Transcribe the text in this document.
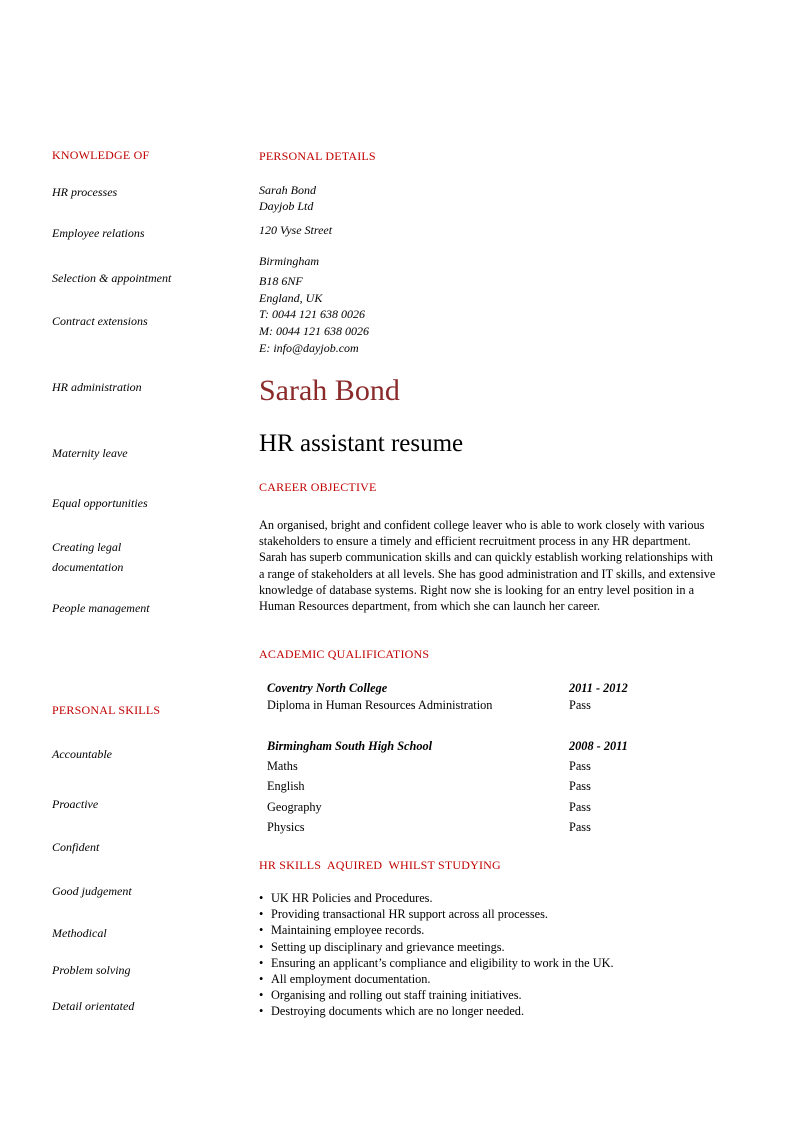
KNOWLEDGE OF
HR processes
Employee relations
Selection & appointment
Contract extensions
HR administration
Maternity leave
Equal opportunities
Creating legal
documentation
People management
PERSONAL SKILLS
Accountable
Proactive
Confident
Good judgement
Methodical
Problem solving
Detail orientated
PERSONAL DETAILS
Sarah Bond
Dayjob Ltd
120 Vyse Street
Birmingham
B18 6NF
England, UK
T: 0044 121 638 0026
M: 0044 121 638 0026
E: info@dayjob.com
Sarah Bond
HR assistant resume
CAREER OBJECTIVE
An organised, bright and confident college leaver who is able to work closely with various stakeholders to ensure a timely and efficient recruitment process in any HR department. Sarah has superb communication skills and can quickly establish working relationships with a range of stakeholders at all levels. She has good administration and IT skills, and extensive knowledge of database systems. Right now she is looking for an entry level position in a Human Resources department, from which she can launch her career.
ACADEMIC QUALIFICATIONS
Coventry North College	2011 - 2012
Diploma in Human Resources Administration	Pass
Birmingham South High School	2008 - 2011
Maths	Pass
English	Pass
Geography	Pass
Physics	Pass
HR SKILLS  AQUIRED  WHILST STUDYING
• UK HR Policies and Procedures.
• Providing transactional HR support across all processes.
• Maintaining employee records.
• Setting up disciplinary and grievance meetings.
• Ensuring an applicant’s compliance and eligibility to work in the UK.
• All employment documentation.
• Organising and rolling out staff training initiatives.
• Destroying documents which are no longer needed.
